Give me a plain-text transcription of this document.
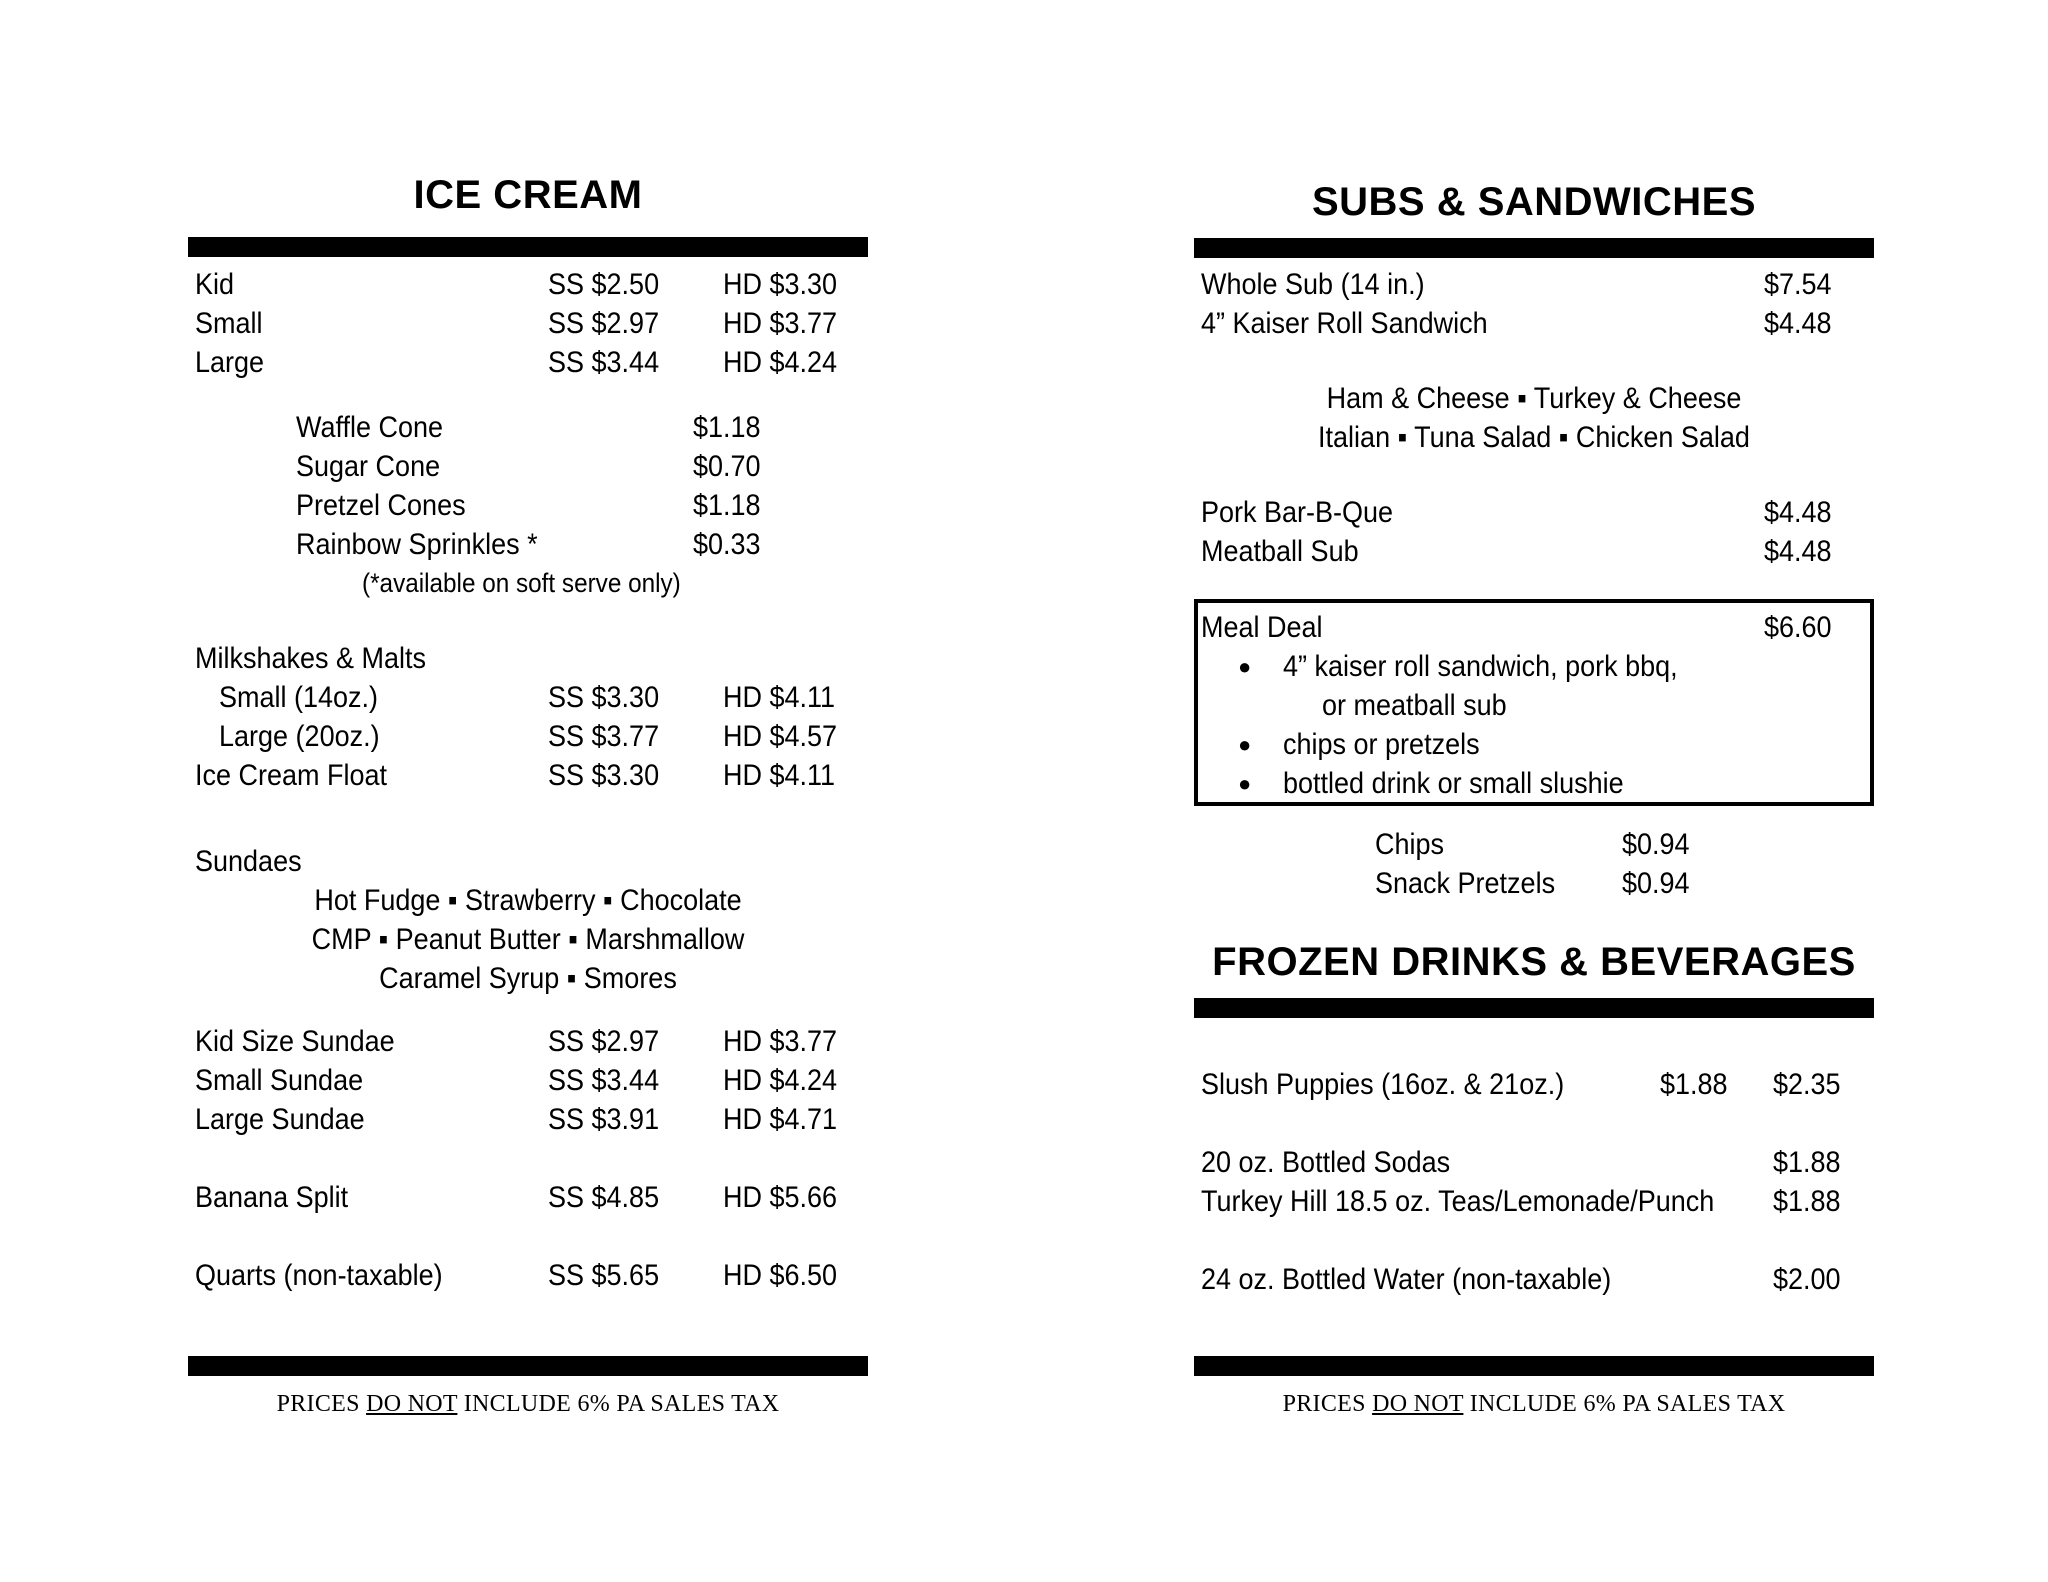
ICE CREAM
Kid	SS $2.50 HD $3.30
Small	SS $2.97 HD $3.77
Large	SS $3.44 HD $4.24
Waffle Cone	$1.18
Sugar Cone	$0.70
Pretzel Cones	$1.18
Rainbow Sprinkles *	$0.33
(*available on soft serve only)
Milkshakes & Malts
Small (14oz.)	SS $3.30 HD $4.11
Large (20oz.)	SS $3.77 HD $4.57
Ice Cream Float	SS $3.30 HD $4.11
Sundaes
Hot Fudge ▪ Strawberry ▪ Chocolate
CMP ▪ Peanut Butter ▪ Marshmallow
Caramel Syrup ▪ Smores
Kid Size Sundae	SS $2.97 HD $3.77
Small Sundae	SS $3.44 HD $4.24
Large Sundae	SS $3.91 HD $4.71
Banana Split	SS $4.85 HD $5.66
Quarts (non-taxable)	SS $5.65 HD $6.50
PRICES DO NOT INCLUDE 6% PA SALES TAX
SUBS & SANDWICHES
Whole Sub (14 in.)	$7.54
4” Kaiser Roll Sandwich	$4.48
Ham & Cheese ▪ Turkey & Cheese
Italian ▪ Tuna Salad ▪ Chicken Salad
Pork Bar-B-Que	$4.48
Meatball Sub	$4.48
Meal Deal	$6.60
● 4” kaiser roll sandwich, pork bbq,
or meatball sub
● chips or pretzels
● bottled drink or small slushie
Chips	$0.94
Snack Pretzels $0.94
FROZEN DRINKS & BEVERAGES
Slush Puppies (16oz. & 21oz.)	$1.88 $2.35
20 oz. Bottled Sodas	$1.88
Turkey Hill 18.5 oz. Teas/Lemonade/Punch $1.88
24 oz. Bottled Water (non-taxable)	$2.00
PRICES DO NOT INCLUDE 6% PA SALES TAX
